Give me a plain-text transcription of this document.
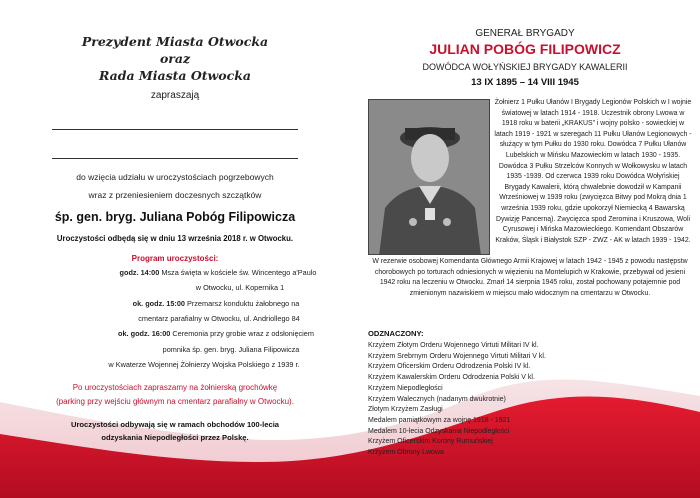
Prezydent Miasta Otwocka
oraz
Rada Miasta Otwocka
zapraszają
do wzięcia udziału w uroczystościach pogrzebowych
wraz z przeniesieniem doczesnych szczątków
śp. gen. bryg. Juliana Pobóg Filipowicza
Uroczystości odbędą się w dniu 13 września 2018 r. w Otwocku.
Program uroczystości:
godz. 14:00 Msza święta w kościele św. Wincentego a'Paulo
w Otwocku, ul. Kopernika 1
ok. godz. 15:00 Przemarsz konduktu żałobnego na
cmentarz parafialny w Otwocku, ul. Andriollego 84
ok. godz. 16:00 Ceremonia przy grobie wraz z odsłonięciem
pomnika śp. gen. bryg. Juliana Filipowicza
w Kwaterze Wojennej Żołnierzy Wojska Polskiego z 1939 r.
Po uroczystościach zapraszamy na żołnierską grochówkę
(parking przy wejściu głównym na cmentarz parafialny w Otwocku).
Uroczystości odbywają się w ramach obchodów 100-lecia
odzyskania Niepodległości przez Polskę.
GENERAŁ BRYGADY
JULIAN POBÓG FILIPOWICZ
DOWÓDCA WOŁYŃSKIEJ BRYGADY KAWALERII
13 IX 1895 – 14 VIII 1945
Żołnierz 1 Pułku Ułanów I Brygady Legionów Polskich w I wojnie światowej w latach 1914 - 1918. Uczestnik obrony Lwowa w 1918 roku w baterii „KRAKUS” i wojny polsko - sowieckiej w latach 1919 - 1921 w szeregach 11 Pułku Ułanów Legionowych - służący w tym Pułku do 1930 roku. Dowódca 7 Pułku Ułanów Lubelskich w Mińsku Mazowieckim w latach 1930 - 1935. Dowódca 3 Pułku Strzelców Konnych w Wołkowysku w latach 1935 -1939. Od czerwca 1939 roku Dowódca Wołyńskiej Brygady Kawalerii, którą chwalebnie dowodził w Kampanii Wrześniowej w 1939 roku (zwycięzca Bitwy pod Mokrą dnia 1 września 1939 roku, gdzie upokorzył Niemiecką 4 Bawarską Dywizję Pancerną). Zwycięzca spod Zeromina i Kruszowa, Woli Cyrusowej i Mińska Mazowieckiego. Komendant Obszarów Kraków, Śląsk i Białystok SZP - ZWZ - AK w latach 1939 - 1942.
W rezerwie osobowej Komendanta Głównego Armii Krajowej w latach 1942 - 1945 z powodu następstw chorobowych po torturach odniesionych w więzieniu na Montelupich w Krakowie, przebywał od jesieni 1942 roku na leczeniu w Otwocku. Zmarł 14 sierpnia 1945 roku, został pochowany potajemnie pod zmienionym nazwiskiem w miejscu mało widocznym na cmentarzu w Otwocku.
ODZNACZONY:
Krzyżem Złotym Orderu Wojennego Virtuti Militari IV kl.
Krzyżem Srebrnym Orderu Wojennego Virtuti Militari V kl.
Krzyżem Oficerskim Orderu Odrodzenia Polski IV kl.
Krzyżem Kawalerskim Orderu Odrodzenia Polski V kl.
Krzyżem Niepodległości
Krzyżem Walecznych (nadanym dwukrotnie)
Złotym Krzyżem Zasługi
Medalem pamiątkowym za wojnę 1918 - 1921
Medalem 10-lecia Odzyskania Niepodległości
Krzyżem Oficerskim Korony Rumuńskiej
Krzyżem Obrony Lwowa
